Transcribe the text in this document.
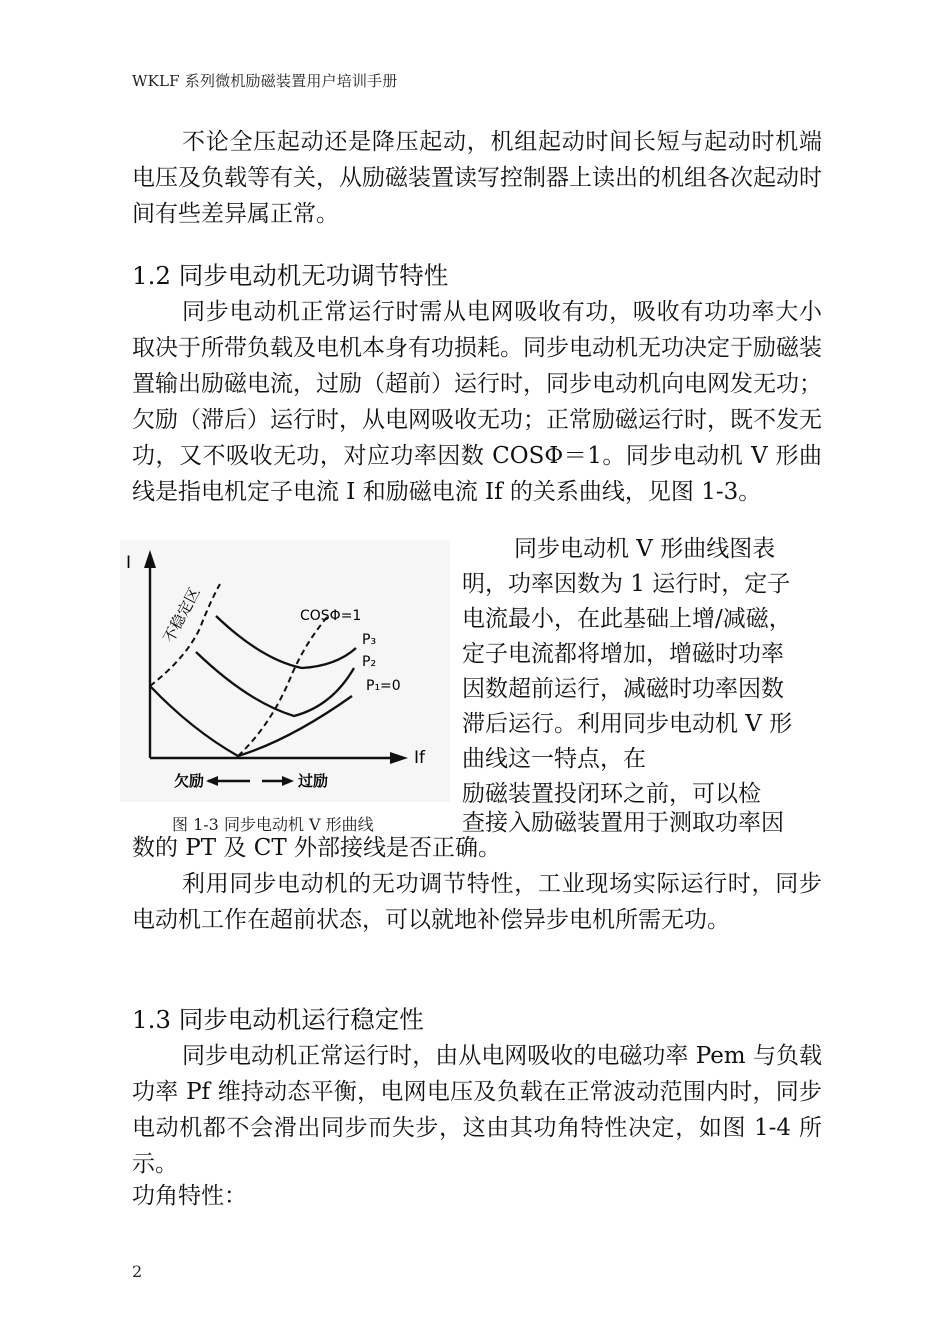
WKLF 系列微机励磁装置用户培训手册

不论全压起动还是降压起动，机组起动时间长短与起动时机端电压及负载等有关，从励磁装置读写控制器上读出的机组各次起动时间有些差异属正常。

1.2 同步电动机无功调节特性

同步电动机正常运行时需从电网吸收有功，吸收有功功率大小取决于所带负载及电机本身有功损耗。同步电动机无功决定于励磁装置输出励磁电流，过励（超前）运行时，同步电动机向电网发无功；欠励（滞后）运行时，从电网吸收无功；正常励磁运行时，既不发无功，又不吸收无功，对应功率因数 COSΦ＝1。同步电动机 V 形曲线是指电机定子电流 I 和励磁电流 If 的关系曲线，见图 1-3。

I
If
不稳定区	COSΦ=1
P₃
P₂
P₁=0
欠励	过励
图 1-3 同步电动机 V 形曲线
同步电动机 V 形曲线图表
明，功率因数为 1 运行时，定子
电流最小，在此基础上增/减磁，
定子电流都将增加，增磁时功率
因数超前运行，减磁时功率因数
滞后运行。利用同步电动机 V 形
曲线这一特点，在
励磁装置投闭环之前，可以检
查接入励磁装置用于测取功率因

数的 PT 及 CT 外部接线是否正确。

利用同步电动机的无功调节特性，工业现场实际运行时，同步电动机工作在超前状态，可以就地补偿异步电机所需无功。

1.3 同步电动机运行稳定性

同步电动机正常运行时，由从电网吸收的电磁功率 Pem 与负载功率 Pf 维持动态平衡，电网电压及负载在正常波动范围内时，同步电动机都不会滑出同步而失步，这由其功角特性决定，如图 1-4 所示。

功角特性：

2
